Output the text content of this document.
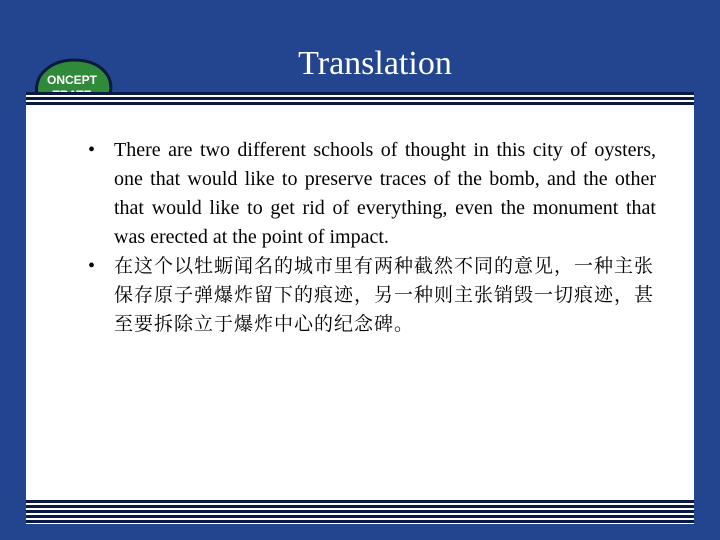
ONCEPT	Translation
• There are two different schools of thought in this city of oysters, one that would like to preserve traces of the bomb, and the other that would like to get rid of everything, even the monument that was erected at the point of impact.
• 在这个以牡蛎闻名的城市里有两种截然不同的意见，一种主张保存原子弹爆炸留下的痕迹，另一种则主张销毁一切痕迹，甚至要拆除立于爆炸中心的纪念碑。
